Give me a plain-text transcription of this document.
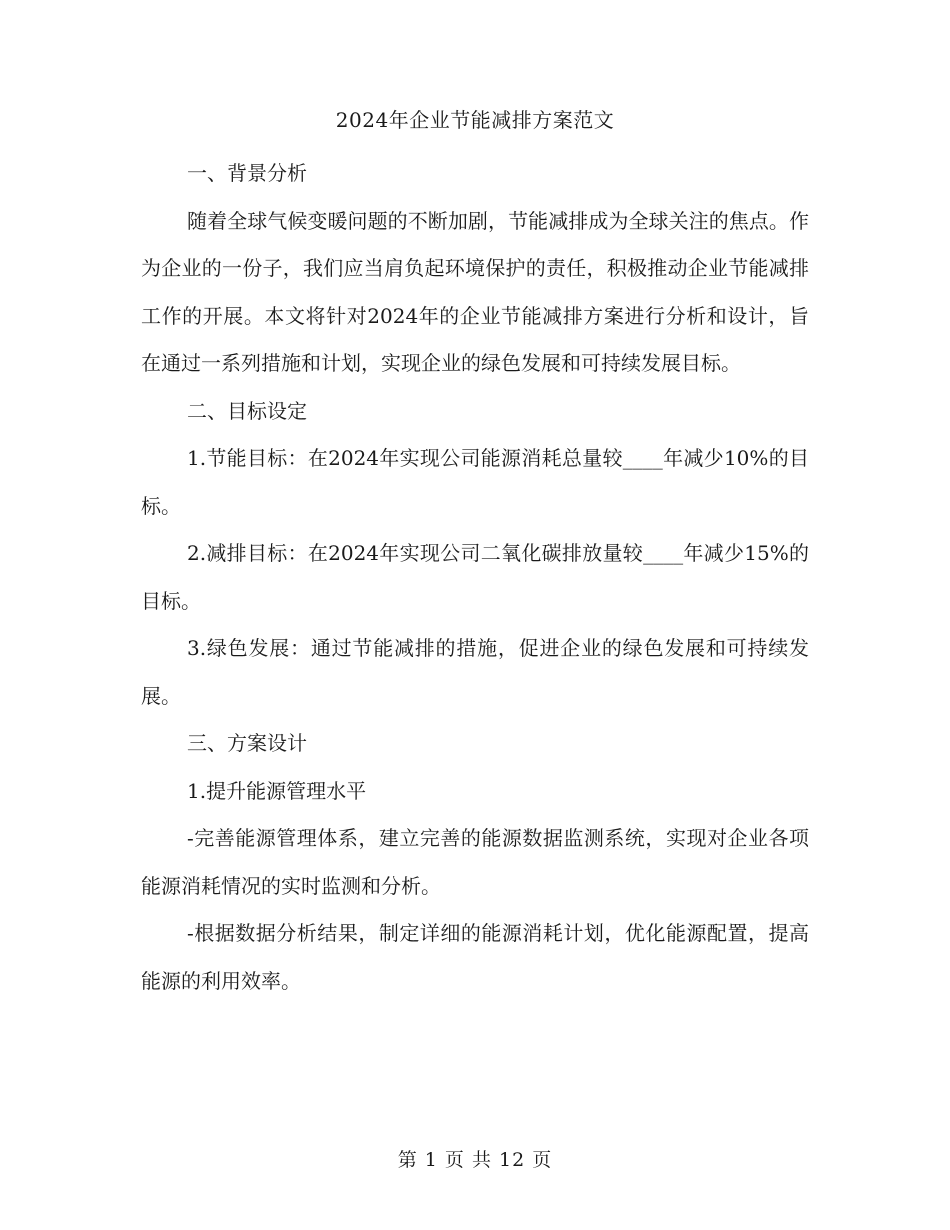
2024年企业节能减排方案范文

一、背景分析

随着全球气候变暖问题的不断加剧，节能减排成为全球关注的焦点。作为企业的一份子，我们应当肩负起环境保护的责任，积极推动企业节能减排工作的开展。本文将针对2024年的企业节能减排方案进行分析和设计，旨在通过一系列措施和计划，实现企业的绿色发展和可持续发展目标。

二、目标设定

1.节能目标：在2024年实现公司能源消耗总量较____年减少10%的目标。

2.减排目标：在2024年实现公司二氧化碳排放量较____年减少15%的目标。

3.绿色发展：通过节能减排的措施，促进企业的绿色发展和可持续发展。

三、方案设计

1.提升能源管理水平

-完善能源管理体系，建立完善的能源数据监测系统，实现对企业各项能源消耗情况的实时监测和分析。

-根据数据分析结果，制定详细的能源消耗计划，优化能源配置，提高能源的利用效率。

第 1 页 共 12 页
